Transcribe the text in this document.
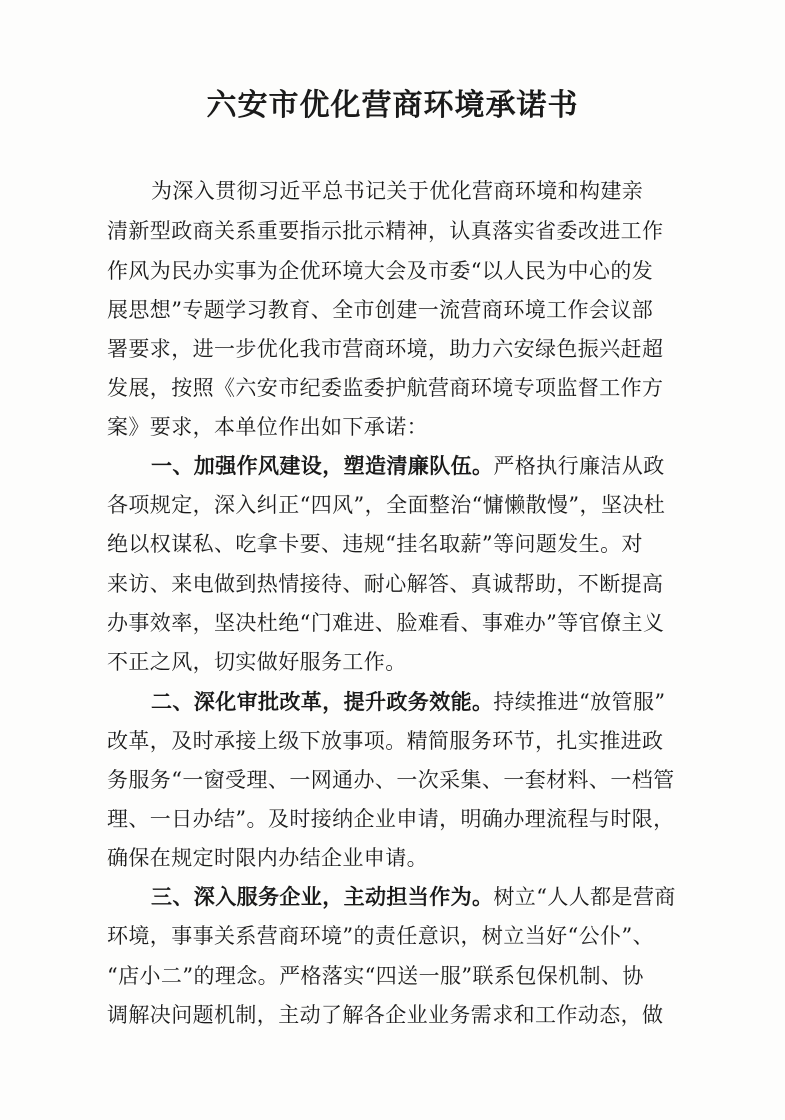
六安市优化营商环境承诺书
为深入贯彻习近平总书记关于优化营商环境和构建亲
清新型政商关系重要指示批示精神，认真落实省委改进工作
作风为民办实事为企优环境大会及市委“以人民为中心的发
展思想”专题学习教育、全市创建一流营商环境工作会议部
署要求，进一步优化我市营商环境，助力六安绿色振兴赶超
发展，按照《六安市纪委监委护航营商环境专项监督工作方
案》要求，本单位作出如下承诺：
一、加强作风建设，塑造清廉队伍。严格执行廉洁从政
各项规定，深入纠正“四风”，全面整治“慵懒散慢”，坚决杜
绝以权谋私、吃拿卡要、违规“挂名取薪”等问题发生。对
来访、来电做到热情接待、耐心解答、真诚帮助，不断提高
办事效率，坚决杜绝“门难进、脸难看、事难办”等官僚主义
不正之风，切实做好服务工作。
二、深化审批改革，提升政务效能。持续推进“放管服”
改革，及时承接上级下放事项。精简服务环节，扎实推进政
务服务“一窗受理、一网通办、一次采集、一套材料、一档管
理、一日办结”。及时接纳企业申请，明确办理流程与时限，
确保在规定时限内办结企业申请。
三、深入服务企业，主动担当作为。树立“人人都是营商
环境，事事关系营商环境”的责任意识，树立当好“公仆”、
“店小二”的理念。严格落实“四送一服”联系包保机制、协
调解决问题机制，主动了解各企业业务需求和工作动态，做
